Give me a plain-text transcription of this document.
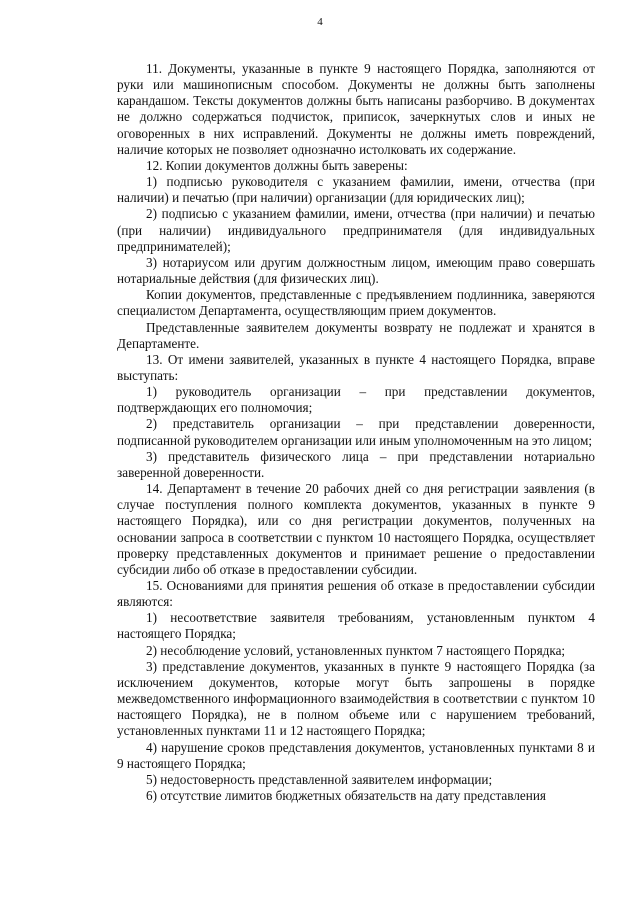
4

11. Документы, указанные в пункте 9 настоящего Порядка, заполняются от руки или машинописным способом. Документы не должны быть заполнены карандашом. Тексты документов должны быть написаны разборчиво. В документах не должно содержаться подчисток, приписок, зачеркнутых слов и иных не оговоренных в них исправлений. Документы не должны иметь повреждений, наличие которых не позволяет однозначно истолковать их содержание.

12. Копии документов должны быть заверены:

1) подписью руководителя с указанием фамилии, имени, отчества (при наличии) и печатью (при наличии) организации (для юридических лиц);

2) подписью с указанием фамилии, имени, отчества (при наличии) и печатью (при наличии) индивидуального предпринимателя (для индивидуальных предпринимателей);

3) нотариусом или другим должностным лицом, имеющим право совершать нотариальные действия (для физических лиц).

Копии документов, представленные с предъявлением подлинника, заверяются специалистом Департамента, осуществляющим прием документов.

Представленные заявителем документы возврату не подлежат и хранятся в Департаменте.

13. От имени заявителей, указанных в пункте 4 настоящего Порядка, вправе выступать:

1) руководитель организации – при представлении документов, подтверждающих его полномочия;

2) представитель организации – при представлении доверенности, подписанной руководителем организации или иным уполномоченным на это лицом;

3) представитель физического лица – при представлении нотариально заверенной доверенности.

14. Департамент в течение 20 рабочих дней со дня регистрации заявления (в случае поступления полного комплекта документов, указанных в пункте 9 настоящего Порядка), или со дня регистрации документов, полученных на основании запроса в соответствии с пунктом 10 настоящего Порядка, осуществляет проверку представленных документов и принимает решение о предоставлении субсидии либо об отказе в предоставлении субсидии.

15. Основаниями для принятия решения об отказе в предоставлении субсидии являются:

1) несоответствие заявителя требованиям, установленным пунктом 4 настоящего Порядка;

2) несоблюдение условий, установленных пунктом 7 настоящего Порядка;

3) представление документов, указанных в пункте 9 настоящего Порядка (за исключением документов, которые могут быть запрошены в порядке межведомственного информационного взаимодействия в соответствии с пунктом 10 настоящего Порядка), не в полном объеме или с нарушением требований, установленных пунктами 11 и 12 настоящего Порядка;

4) нарушение сроков представления документов, установленных пунктами 8 и 9 настоящего Порядка;

5) недостоверность представленной заявителем информации;

6) отсутствие лимитов бюджетных обязательств на дату представления
